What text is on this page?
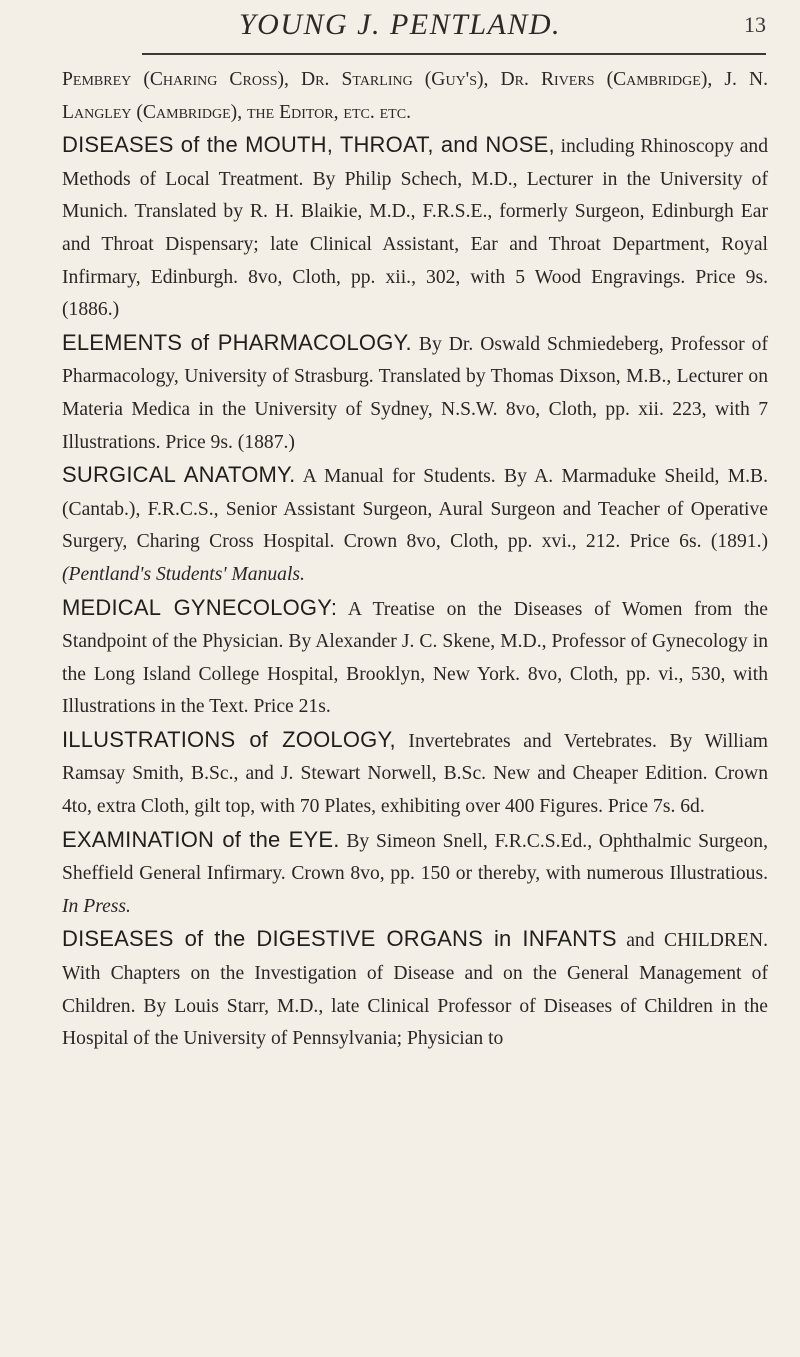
YOUNG J. PENTLAND.	13

Pembrey (Charing Cross), Dr. Starling (Guy's), Dr. Rivers (Cambridge), J. N. Langley (Cambridge), the Editor, etc. etc.

DISEASES of the MOUTH, THROAT, and NOSE, including Rhinoscopy and Methods of Local Treatment. By Philip Schech, M.D., Lecturer in the University of Munich. Translated by R. H. Blaikie, M.D., F.R.S.E., formerly Surgeon, Edinburgh Ear and Throat Dispensary; late Clinical Assistant, Ear and Throat Department, Royal Infirmary, Edinburgh. 8vo, Cloth, pp. xii., 302, with 5 Wood Engravings. Price 9s. (1886.)

ELEMENTS of PHARMACOLOGY. By Dr. Oswald Schmiedeberg, Professor of Pharmacology, University of Strasburg. Translated by Thomas Dixson, M.B., Lecturer on Materia Medica in the University of Sydney, N.S.W. 8vo, Cloth, pp. xii. 223, with 7 Illustrations. Price 9s. (1887.)

SURGICAL ANATOMY. A Manual for Students. By A. Marmaduke Sheild, M.B. (Cantab.), F.R.C.S., Senior Assistant Surgeon, Aural Surgeon and Teacher of Operative Surgery, Charing Cross Hospital. Crown 8vo, Cloth, pp. xvi., 212. Price 6s. (1891.) (Pentland's Students' Manuals.

MEDICAL GYNECOLOGY: A Treatise on the Diseases of Women from the Standpoint of the Physician. By Alexander J. C. Skene, M.D., Professor of Gynecology in the Long Island College Hospital, Brooklyn, New York. 8vo, Cloth, pp. vi., 530, with Illustrations in the Text. Price 21s.

ILLUSTRATIONS of ZOOLOGY, Invertebrates and Vertebrates. By William Ramsay Smith, B.Sc., and J. Stewart Norwell, B.Sc. New and Cheaper Edition. Crown 4to, extra Cloth, gilt top, with 70 Plates, exhibiting over 400 Figures. Price 7s. 6d.

EXAMINATION of the EYE. By Simeon Snell, F.R.C.S.Ed., Ophthalmic Surgeon, Sheffield General Infirmary. Crown 8vo, pp. 150 or thereby, with numerous Illustratious. In Press.

DISEASES of the DIGESTIVE ORGANS in INFANTS and CHILDREN. With Chapters on the Investigation of Disease and on the General Management of Children. By Louis Starr, M.D., late Clinical Professor of Diseases of Children in the Hospital of the University of Pennsylvania; Physician to
